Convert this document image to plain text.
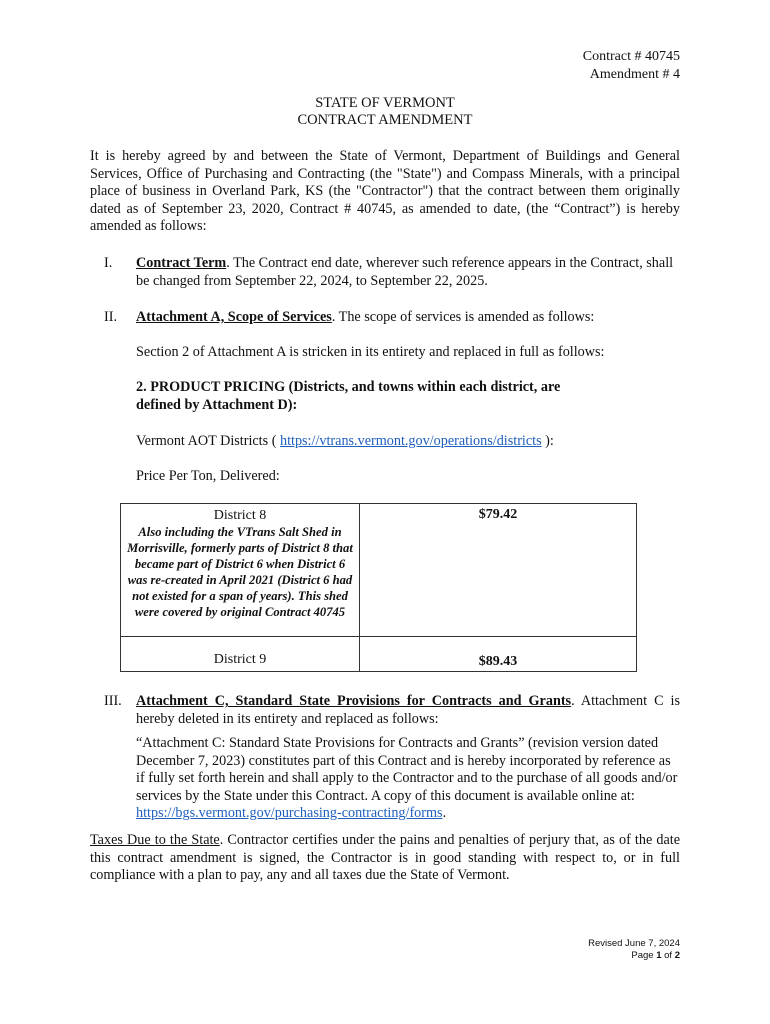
Contract # 40745
Amendment # 4
STATE OF VERMONT
CONTRACT AMENDMENT
It is hereby agreed by and between the State of Vermont, Department of Buildings and General Services, Office of Purchasing and Contracting (the "State") and Compass Minerals, with a principal place of business in Overland Park, KS (the "Contractor") that the contract between them originally dated as of September 23, 2020, Contract # 40745, as amended to date, (the “Contract”) is hereby amended as follows:
I. Contract Term. The Contract end date, wherever such reference appears in the Contract, shall be changed from September 22, 2024, to September 22, 2025.
II. Attachment A, Scope of Services. The scope of services is amended as follows:
Section 2 of Attachment A is stricken in its entirety and replaced in full as follows:
2. PRODUCT PRICING (Districts, and towns within each district, are defined by Attachment D):
Vermont AOT Districts ( https://vtrans.vermont.gov/operations/districts ):
Price Per Ton, Delivered:
District 8
Also including the VTrans Salt Shed in Morrisville, formerly parts of District 8 that became part of District 6 when District 6 was re-created in April 2021 (District 6 had not existed for a span of years). This shed were covered by original Contract 40745	$79.42

District 9	$89.43
III. Attachment C, Standard State Provisions for Contracts and Grants. Attachment C is hereby deleted in its entirety and replaced as follows:
“Attachment C: Standard State Provisions for Contracts and Grants” (revision version dated December 7, 2023) constitutes part of this Contract and is hereby incorporated by reference as if fully set forth herein and shall apply to the Contractor and to the purchase of all goods and/or services by the State under this Contract. A copy of this document is available online at: https://bgs.vermont.gov/purchasing-contracting/forms.
Taxes Due to the State. Contractor certifies under the pains and penalties of perjury that, as of the date this contract amendment is signed, the Contractor is in good standing with respect to, or in full compliance with a plan to pay, any and all taxes due the State of Vermont.
Revised June 7, 2024
Page 1 of 2
